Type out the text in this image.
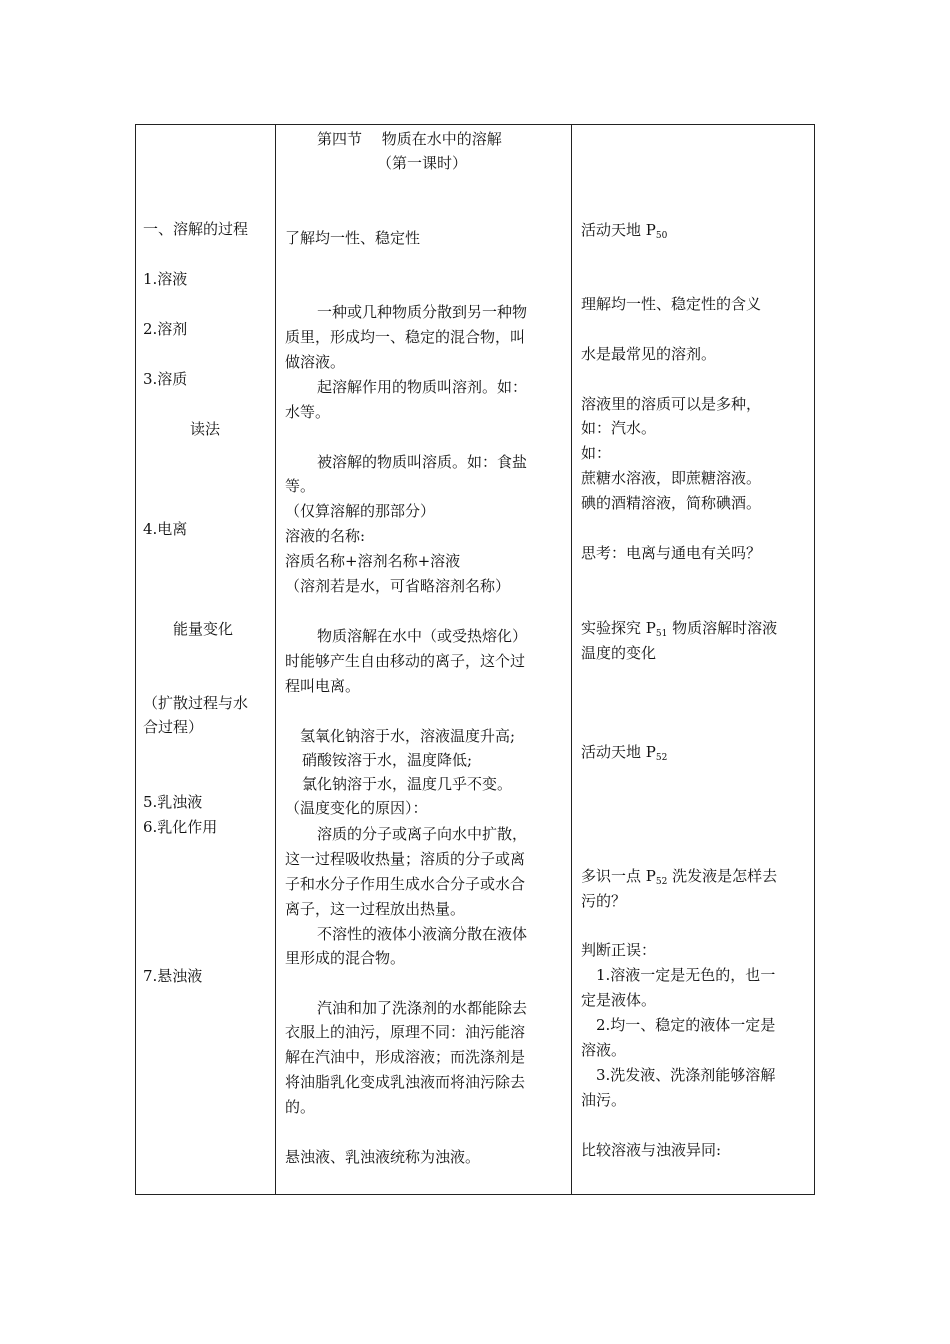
第四节　 物质在水中的溶解
（第一课时）
一、溶解的过程
1.溶液
2.溶剂
3.溶质
读法
4.电离
能量变化
（扩散过程与水
合过程）
5.乳浊液
6.乳化作用
7.悬浊液
了解均一性、稳定性
一种或几种物质分散到另一种物
质里，形成均一、稳定的混合物，叫
做溶液。
起溶解作用的物质叫溶剂。如：
水等。
被溶解的物质叫溶质。如：食盐
等。
（仅算溶解的那部分）
溶液的名称:
溶质名称+溶剂名称+溶液
（溶剂若是水，可省略溶剂名称）
物质溶解在水中（或受热熔化）
时能够产生自由移动的离子，这个过
程叫电离。
氢氧化钠溶于水，溶液温度升高;
硝酸铵溶于水，温度降低;
氯化钠溶于水，温度几乎不变。
（温度变化的原因）：
溶质的分子或离子向水中扩散，
这一过程吸收热量；溶质的分子或离
子和水分子作用生成水合分子或水合
离子，这一过程放出热量。
不溶性的液体小液滴分散在液体
里形成的混合物。
汽油和加了洗涤剂的水都能除去
衣服上的油污，原理不同：油污能溶
解在汽油中，形成溶液；而洗涤剂是
将油脂乳化变成乳浊液而将油污除去
的。
悬浊液、乳浊液统称为浊液。
活动天地 $P_{50}$
理解均一性、稳定性的含义
水是最常见的溶剂。
溶液里的溶质可以是多种，
如：汽水。
如：
蔗糖水溶液，即蔗糖溶液。
碘的酒精溶液，简称碘酒。
思考：电离与通电有关吗？
实验探究 $P_{51}$ 物质溶解时溶液
温度的变化
活动天地 $P_{52}$
多识一点 $P_{52}$ 洗发液是怎样去
污的？
判断正误：
1.溶液一定是无色的，也一
定是液体。
2.均一、稳定的液体一定是
溶液。
3.洗发液、洗涤剂能够溶解
油污。
比较溶液与浊液异同:
